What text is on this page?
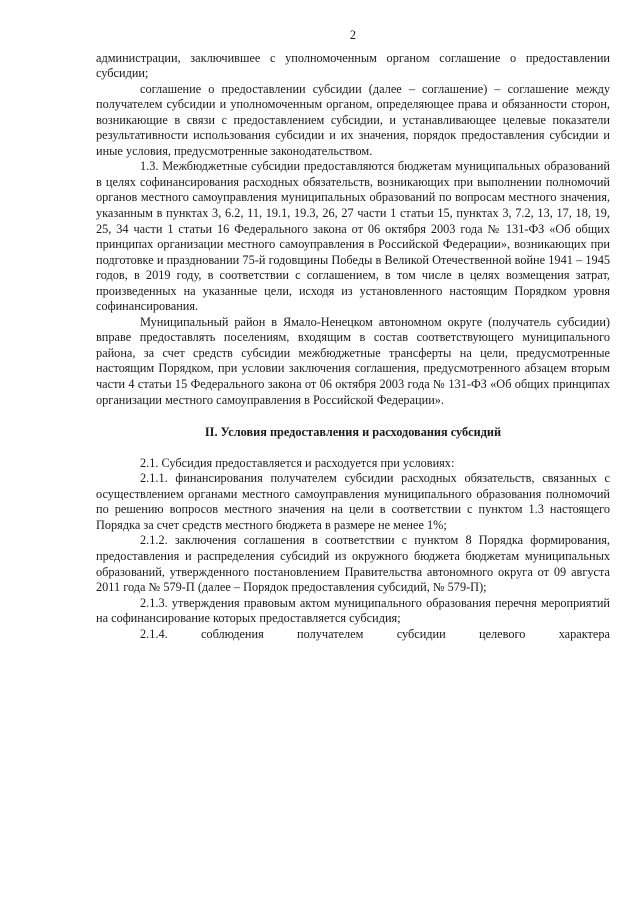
2

администрации, заключившее с уполномоченным органом соглашение о предоставлении субсидии;

соглашение о предоставлении субсидии (далее – соглашение) – соглашение между получателем субсидии и уполномоченным органом, определяющее права и обязанности сторон, возникающие в связи с предоставлением субсидии, и устанавливающее целевые показатели результативности использования субсидии и их значения, порядок предоставления субсидии и иные условия, предусмотренные законодательством.

1.3. Межбюджетные субсидии предоставляются бюджетам муниципальных образований в целях софинансирования расходных обязательств, возникающих при выполнении полномочий органов местного самоуправления муниципальных образований по вопросам местного значения, указанным в пунктах 3, 6.2, 11, 19.1, 19.3, 26, 27 части 1 статьи 15, пунктах 3, 7.2, 13, 17, 18, 19, 25, 34 части 1 статьи 16 Федерального закона от 06 октября 2003 года № 131-ФЗ «Об общих принципах организации местного самоуправления в Российской Федерации», возникающих при подготовке и праздновании 75-й годовщины Победы в Великой Отечественной войне 1941 – 1945 годов, в 2019 году, в соответствии с соглашением, в том числе в целях возмещения затрат, произведенных на указанные цели, исходя из установленного настоящим Порядком уровня софинансирования.

Муниципальный район в Ямало-Ненецком автономном округе (получатель субсидии) вправе предоставлять поселениям, входящим в состав соответствующего муниципального района, за счет средств субсидии межбюджетные трансферты на цели, предусмотренные настоящим Порядком, при условии заключения соглашения, предусмотренного абзацем вторым части 4 статьи 15 Федерального закона от 06 октября 2003 года № 131-ФЗ «Об общих принципах организации местного самоуправления в Российской Федерации».

II. Условия предоставления и расходования субсидий

2.1. Субсидия предоставляется и расходуется при условиях:

2.1.1. финансирования получателем субсидии расходных обязательств, связанных с осуществлением органами местного самоуправления муниципального образования полномочий по решению вопросов местного значения на цели в соответствии с пунктом 1.3 настоящего Порядка за счет средств местного бюджета в размере не менее 1%;

2.1.2. заключения соглашения в соответствии с пунктом 8 Порядка формирования, предоставления и распределения субсидий из окружного бюджета бюджетам муниципальных образований, утвержденного постановлением Правительства автономного округа от 09 августа 2011 года № 579-П (далее – Порядок предоставления субсидий, № 579-П);

2.1.3. утверждения правовым актом муниципального образования перечня мероприятий на софинансирование которых предоставляется субсидия;

2.1.4. соблюдения получателем субсидии целевого характера
